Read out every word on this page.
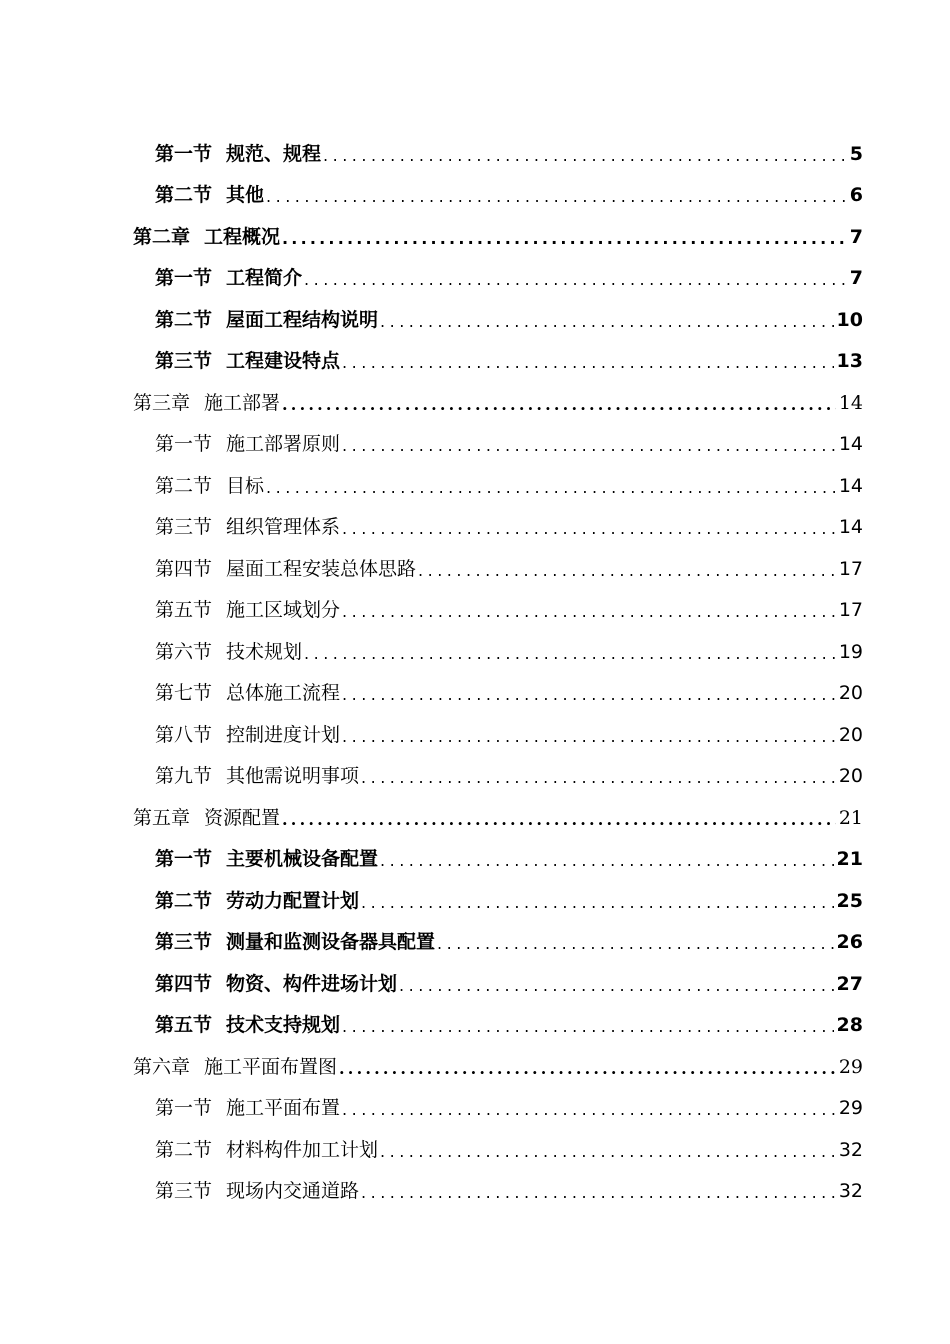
第一节 规范、规程 .....	5
第二节 其他 .....	6
第二章 工程概况 .....	7
第一节 工程简介 .....	7
第二节 屋面工程结构说明 .....	10
第三节 工程建设特点 .....	13
第三章 施工部署 .....	14
第一节 施工部署原则 .....	14
第二节 目标 .....	14
第三节 组织管理体系 .....	14
第四节 屋面工程安装总体思路 .....	17
第五节 施工区域划分 .....	17
第六节 技术规划 .....	19
第七节 总体施工流程 .....	20
第八节 控制进度计划 .....	20
第九节 其他需说明事项 .....	20
第五章 资源配置 .....	21
第一节 主要机械设备配置 .....	21
第二节 劳动力配置计划 .....	25
第三节 测量和监测设备器具配置 .....	26
第四节 物资、构件进场计划 .....	27
第五节 技术支持规划 .....	28
第六章 施工平面布置图 .....	29
第一节 施工平面布置 .....	29
第二节 材料构件加工计划 .....	32
第三节 现场内交通道路 .....	32
